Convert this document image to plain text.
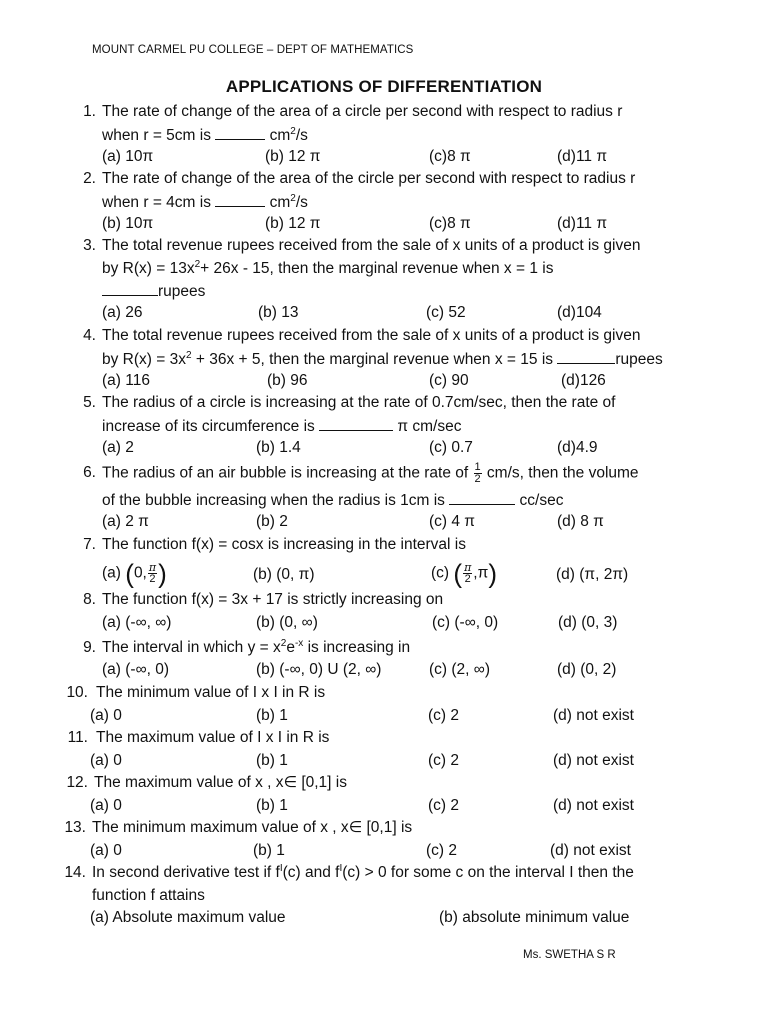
MOUNT CARMEL PU COLLEGE – DEPT OF MATHEMATICS
APPLICATIONS OF DIFFERENTIATION
1. The rate of change of the area of a circle per second with respect to radius r
when r = 5cm is	$cm^2/s$
(a) 10π	(b) 12 π	(c)8 π	(d)11 π
2. The rate of change of the area of the circle per second with respect to radius r
when r = 4cm is	$cm^2/s$
(b) 10π	(b) 12 π	(c)8 π	(d)11 π
3. The total revenue rupees received from the sale of x units of a product is given
by $R(x) = 13x^2+ 26x - 15$, then the marginal revenue when x = 1 is
rupees
(a) 26	(b) 13	(c) 52	(d)104
4. The total revenue rupees received from the sale of x units of a product is given
by $R(x) = 3x^2 + 36x + 5$, then the marginal revenue when x = 15 is	rupees
(a) 116	(b) 96	(c) 90	(d)126
5. The radius of a circle is increasing at the rate of 0.7cm/sec, then the rate of
increase of its circumference is	π cm/sec
(a) 2	(b) 1.4	(c) 0.7	(d)4.9
6. The radius of an air bubble is increasing at the rate of $\frac{1}{2} cm/s$, then the volume
of the bubble increasing when the radius is 1cm is	cc/sec
(a) 2 π	(b) 2	(c) 4 π	(d) 8 π
7. The function f(x) = cosx is increasing in the interval is
(a) (0, $\frac{\pi}{2}$ )	(b) (0, π)	(c) ( $\frac{\pi}{2} ,\pi$)	(d) (π, 2π)
8. The function f(x) = 3x + 17 is strictly increasing on
(a) (-∞, ∞)	(b) (0, ∞)	(c) (-∞, 0)	(d) (0, 3)
9. The interval in which $y = x^2e^{-x}$ is increasing in
(a) (-∞, 0)	(b) (-∞, 0) U (2, ∞)	(c) (2, ∞)	(d) (0, 2)
10. The minimum value of I x I in R is
(a) 0	(b) 1	(c) 2	(d) not exist
11. The maximum value of I x I in R is
(a) 0	(b) 1	(c) 2	(d) not exist
12. The maximum value of x , x∈ [0,1] is
(a) 0	(b) 1	(c) 2	(d) not exist
13. The minimum maximum value of x , x∈ [0,1] is
(a) 0	(b) 1	(c) 2	(d) not exist
14. In second derivative test if $f^I(c)$ and $f^I(c) > 0$ for some c on the interval I then the
function f attains
(a) Absolute maximum value	(b) absolute minimum value
Ms. SWETHA S R
